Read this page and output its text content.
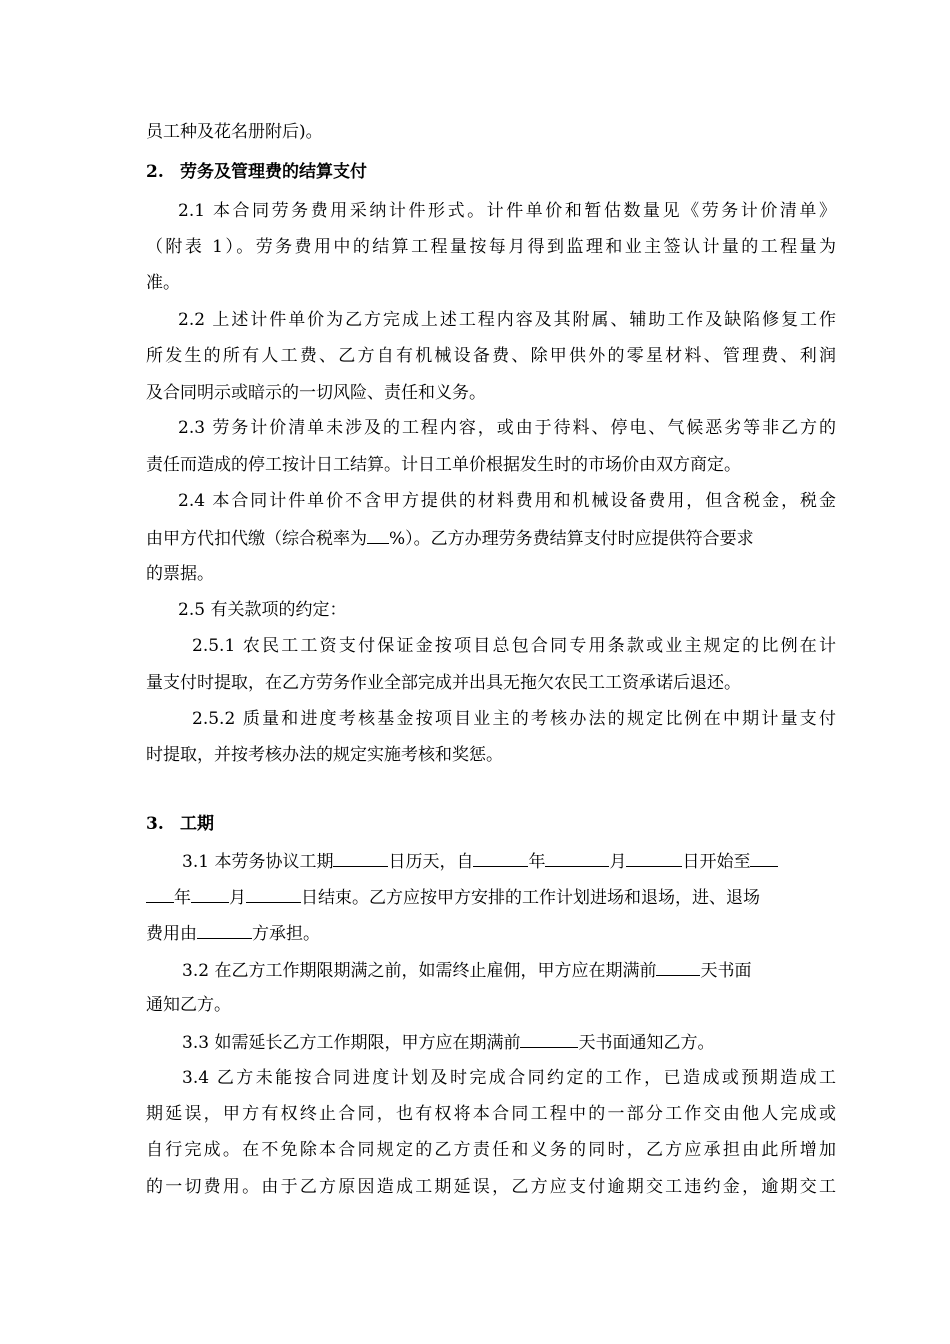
员工种及花名册附后)。
2. 劳务及管理费的结算支付
2.1 本合同劳务费用采纳计件形式。计件单价和暂估数量见《劳务计价清单》
（附表 1）。劳务费用中的结算工程量按每月得到监理和业主签认计量的工程量为
准。
2.2 上述计件单价为乙方完成上述工程内容及其附属、辅助工作及缺陷修复工作
所发生的所有人工费、乙方自有机械设备费、除甲供外的零星材料、管理费、利润
及合同明示或暗示的一切风险、责任和义务。
2.3 劳务计价清单未涉及的工程内容，或由于待料、停电、气候恶劣等非乙方的
责任而造成的停工按计日工结算。计日工单价根据发生时的市场价由双方商定。
2.4 本合同计件单价不含甲方提供的材料费用和机械设备费用，但含税金，税金
由甲方代扣代缴（综合税率为 %）。乙方办理劳务费结算支付时应提供符合要求
的票据。
2.5 有关款项的约定：
2.5.1 农民工工资支付保证金按项目总包合同专用条款或业主规定的比例在计
量支付时提取，在乙方劳务作业全部完成并出具无拖欠农民工工资承诺后退还。
2.5.2 质量和进度考核基金按项目业主的考核办法的规定比例在中期计量支付
时提取，并按考核办法的规定实施考核和奖惩。
3. 工期
3.1 本劳务协议工期	日历天，自	年	月	日开始至
年 月	日结束。乙方应按甲方安排的工作计划进场和退场，进、退场
费用由	方承担。
3.2 在乙方工作期限期满之前，如需终止雇佣，甲方应在期满前	天书面
通知乙方。
3.3 如需延长乙方工作期限，甲方应在期满前	天书面通知乙方。
3.4 乙方未能按合同进度计划及时完成合同约定的工作，已造成或预期造成工
期延误，甲方有权终止合同，也有权将本合同工程中的一部分工作交由他人完成或
自行完成。在不免除本合同规定的乙方责任和义务的同时，乙方应承担由此所增加
的一切费用。由于乙方原因造成工期延误，乙方应支付逾期交工违约金，逾期交工
